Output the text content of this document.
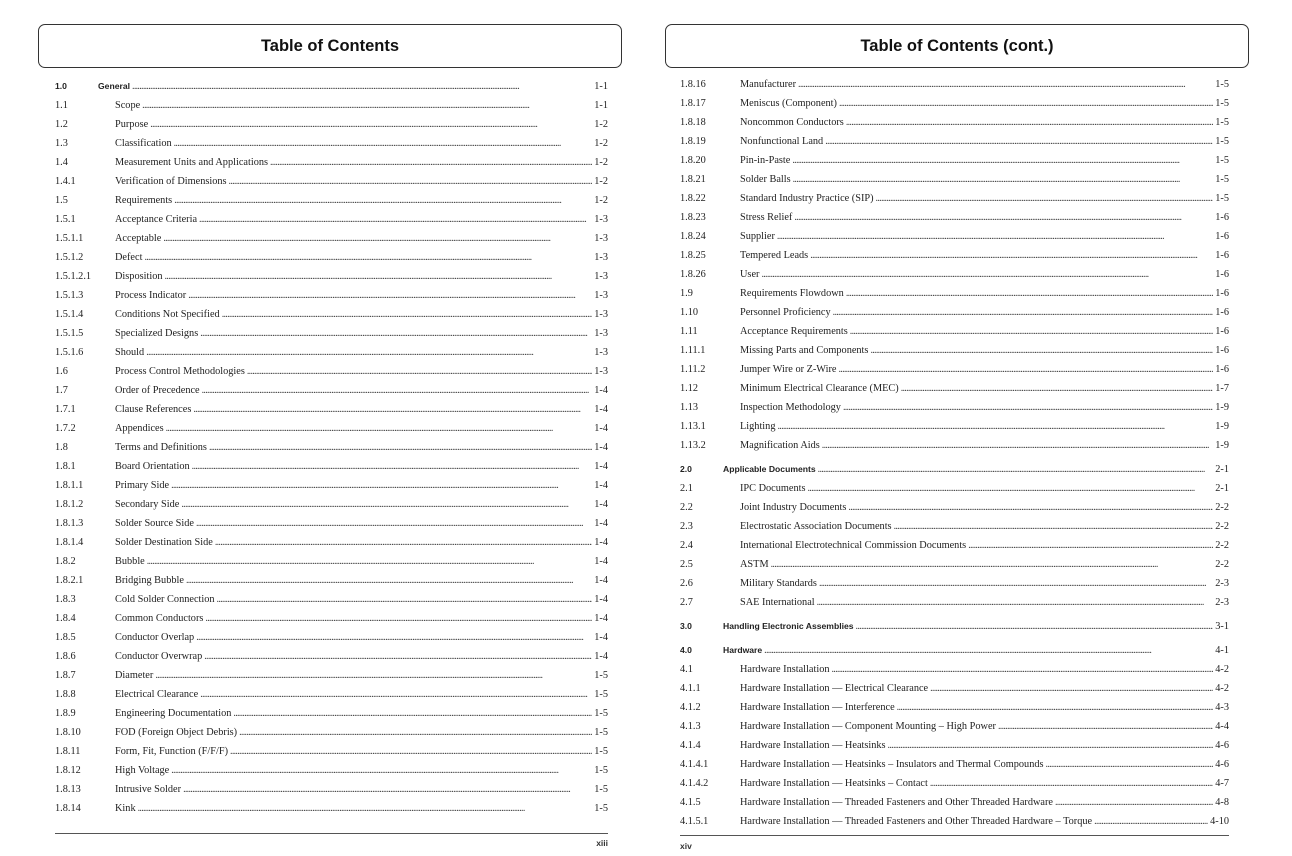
Table of Contents
1.0	General . . .	1-1
1.1	Scope . . .	1-1
1.2	Purpose . . .	1-2
1.3	Classification . . .	1-2
1.4	Measurement Units and Applications . . .	1-2
1.4.1	Verification of Dimensions . . .	1-2
1.5	Requirements . . .	1-2
1.5.1	Acceptance Criteria . . .	1-3
1.5.1.1	Acceptable . . .	1-3
1.5.1.2	Defect . . .	1-3
1.5.1.2.1	Disposition . . .	1-3
1.5.1.3	Process Indicator . . .	1-3
1.5.1.4	Conditions Not Specified . . .	1-3
1.5.1.5	Specialized Designs . . .	1-3
1.5.1.6	Should . . .	1-3
1.6	Process Control Methodologies . . .	1-3
1.7	Order of Precedence . . .	1-4
1.7.1	Clause References . . .	1-4
1.7.2	Appendices . . .	1-4
1.8	Terms and Definitions . . .	1-4
1.8.1	Board Orientation . . .	1-4
1.8.1.1	Primary Side . . .	1-4
1.8.1.2	Secondary Side . . .	1-4
1.8.1.3	Solder Source Side . . .	1-4
1.8.1.4	Solder Destination Side . . .	1-4
1.8.2	Bubble . . .	1-4
1.8.2.1	Bridging Bubble . . .	1-4
1.8.3	Cold Solder Connection . . .	1-4
1.8.4	Common Conductors . . .	1-4
1.8.5	Conductor Overlap . . .	1-4
1.8.6	Conductor Overwrap . . .	1-4
1.8.7	Diameter . . .	1-5
1.8.8	Electrical Clearance . . .	1-5
1.8.9	Engineering Documentation . . .	1-5
1.8.10	FOD (Foreign Object Debris) . . .	1-5
1.8.11	Form, Fit, Function (F/F/F) . . .	1-5
1.8.12	High Voltage . . .	1-5
1.8.13	Intrusive Solder . . .	1-5
1.8.14	Kink . . .	1-5
xiii
Table of Contents (cont.)
1.8.16	Manufacturer . . .	1-5
1.8.17	Meniscus (Component) . . .	1-5
1.8.18	Noncommon Conductors . . .	1-5
1.8.19	Nonfunctional Land . . .	1-5
1.8.20	Pin-in-Paste . . .	1-5
1.8.21	Solder Balls . . .	1-5
1.8.22	Standard Industry Practice (SIP) . . .	1-5
1.8.23	Stress Relief . . .	1-6
1.8.24	Supplier . . .	1-6
1.8.25	Tempered Leads . . .	1-6
1.8.26	User . . .	1-6
1.9	Requirements Flowdown . . .	1-6
1.10	Personnel Proficiency . . .	1-6
1.11	Acceptance Requirements . . .	1-6
1.11.1	Missing Parts and Components . . .	1-6
1.11.2	Jumper Wire or Z-Wire . . .	1-6
1.12	Minimum Electrical Clearance (MEC) . . .	1-7
1.13	Inspection Methodology . . .	1-9
1.13.1	Lighting . . .	1-9
1.13.2	Magnification Aids . . .	1-9
2.0	Applicable Documents . . .	2-1
2.1	IPC Documents . . .	2-1
2.2	Joint Industry Documents . . .	2-2
2.3	Electrostatic Association Documents . . .	2-2
2.4	International Electrotechnical Commission Documents . . .	2-2
2.5	ASTM . . .	2-2
2.6	Military Standards . . .	2-3
2.7	SAE International . . .	2-3
3.0	Handling Electronic Assemblies . . .	3-1
4.0	Hardware . . .	4-1
4.1	Hardware Installation . . .	4-2
4.1.1	Hardware Installation — Electrical Clearance . . .	4-2
4.1.2	Hardware Installation — Interference . . .	4-3
4.1.3	Hardware Installation — Component Mounting – High Power . . .	4-4
4.1.4	Hardware Installation — Heatsinks . . .	4-6
4.1.4.1	Hardware Installation — Heatsinks – Insulators and Thermal Compounds . . .	4-6
4.1.4.2	Hardware Installation — Heatsinks – Contact . . .	4-7
4.1.5	Hardware Installation — Threaded Fasteners and Other Threaded Hardware . . .	4-8
4.1.5.1	Hardware Installation — Threaded Fasteners and Other Threaded Hardware – Torque . . .	4-10
xiv
